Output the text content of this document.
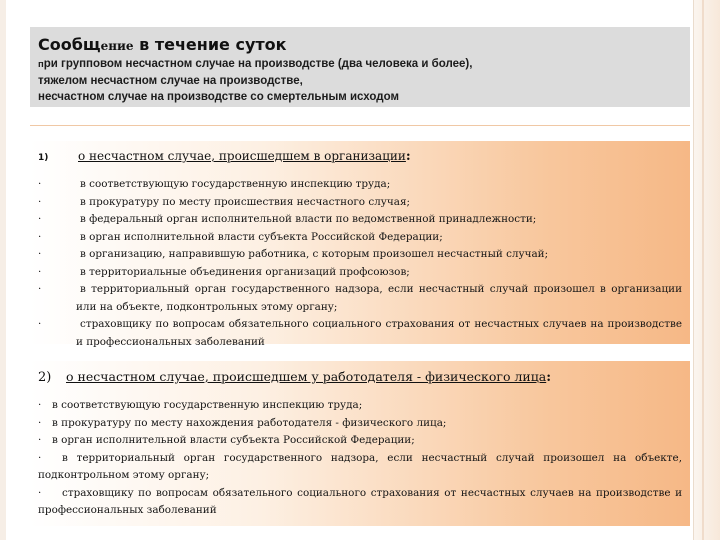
Сообщение в течение суток
при групповом несчастном случае на производстве (два человека и более),
тяжелом несчастном случае на производстве,
несчастном случае на производстве со смертельным исходом
1)	о несчастном случае, происшедшем в организации :
·	в соответствующую государственную инспекцию труда;
·	в прокуратуру по месту происшествия несчастного случая;
·	в федеральный орган исполнительной власти по ведомственной принадлежности;
·	в орган исполнительной власти субъекта Российской Федерации;
·	в организацию, направившую работника, с которым произошел несчастный случай;
·	в территориальные объединения организаций профсоюзов;
·	в территориальный орган государственного надзора, если несчастный случай произошел в организации или на объекте, подконтрольных этому органу;
·	страховщику по вопросам обязательного социального страхования от несчастных случаев на производстве и профессиональных заболеваний
2)	о несчастном случае, происшедшем у работодателя - физического лица :
· в соответствующую государственную инспекцию труда;
· в прокуратуру по месту нахождения работодателя - физического лица;
· в орган исполнительной власти субъекта Российской Федерации;
· в территориальный орган государственного надзора, если несчастный случай произошел на объекте, подконтрольном этому органу;
· страховщику по вопросам обязательного социального страхования от несчастных случаев на производстве и профессиональных заболеваний
